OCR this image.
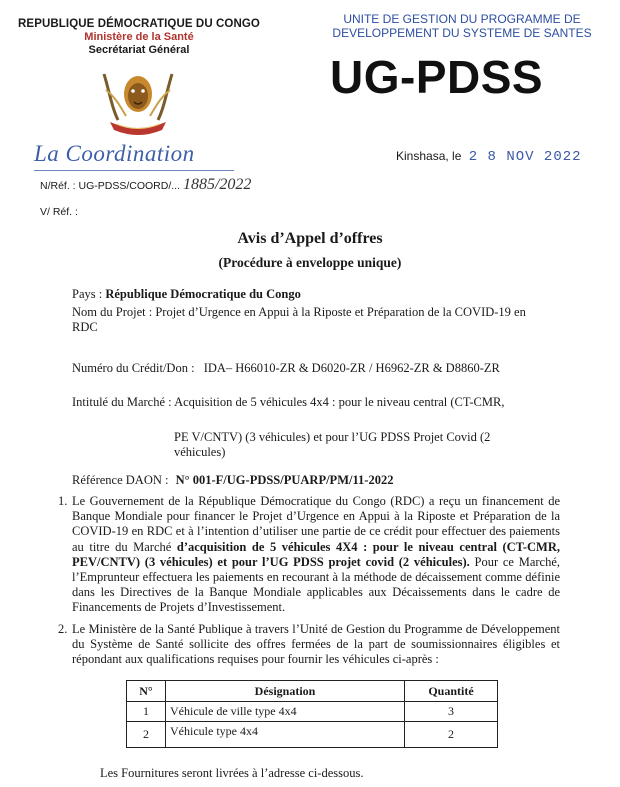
REPUBLIQUE DÉMOCRATIQUE DU CONGO
Ministère de la Santé
Secrétariat Général
UNITE DE GESTION DU PROGRAMME DE
DEVELOPPEMENT DU SYSTEME DE SANTES
UG-PDSS
La Coordination	Kinshasa, le 2 8 NOV 2022
N/Réf. : UG-PDSS/COORD/... 1885/2022
V/ Réf. :
Avis d’Appel d’offres
(Procédure à enveloppe unique)
Pays : République Démocratique du Congo
Nom du Projet : Projet d’Urgence en Appui à la Riposte et Préparation de la COVID-19 en
RDC
Numéro du Crédit/Don : IDA– H66010-ZR & D6020-ZR / H6962-ZR & D8860-ZR
Intitulé du Marché : Acquisition de 5 véhicules 4x4 : pour le niveau central (CT-CMR,
PE V/CNTV) (3 véhicules) et pour l’UG PDSS Projet Covid (2
véhicules)
Référence DAON : N° 001-F/UG-PDSS/PUARP/PM/11-2022

1. Le Gouvernement de la République Démocratique du Congo (RDC) a reçu un financement de Banque Mondiale pour financer le Projet d’Urgence en Appui à la Riposte et Préparation de la COVID-19 en RDC et à l’intention d’utiliser une partie de ce crédit pour effectuer des paiements au titre du Marché d’acquisition de 5 véhicules 4X4 : pour le niveau central (CT-CMR, PEV/CNTV) (3 véhicules) et pour l’UG PDSS projet covid (2 véhicules). Pour ce Marché, l’Emprunteur effectuera les paiements en recourant à la méthode de décaissement comme définie dans les Directives de la Banque Mondiale applicables aux Décaissements dans le cadre de Financements de Projets d’Investissement.

2. Le Ministère de la Santé Publique à travers l’Unité de Gestion du Programme de Développement du Système de Santé sollicite des offres fermées de la part de soumissionnaires éligibles et répondant aux qualifications requises pour fournir les véhicules ci-après :

N°	Désignation	Quantité
1	Véhicule de ville type 4x4	3
2	Véhicule type 4x4	2
Les Fournitures seront livrées à l’adresse ci-dessous.
